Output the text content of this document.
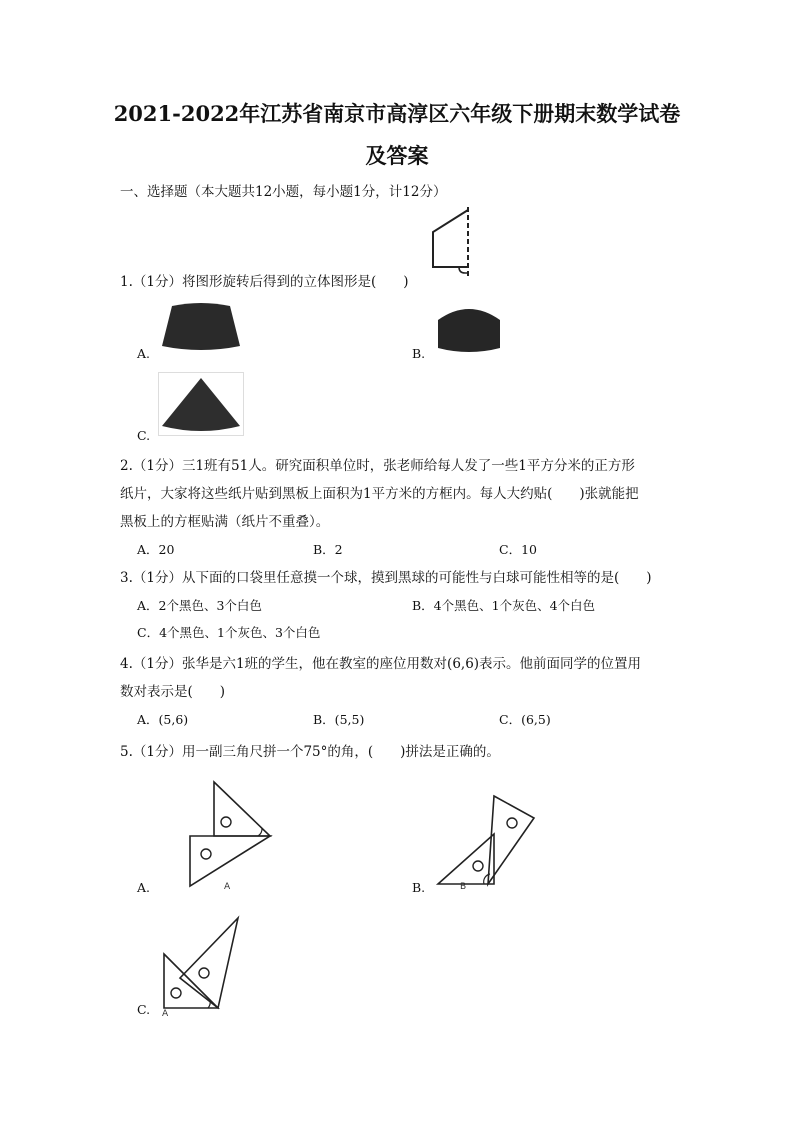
2021-2022年江苏省南京市高淳区六年级下册期末数学试卷
及答案
一、选择题（本大题共12小题，每小题1分，计12分）
1.（1分）将图形旋转后得到的立体图形是(　　)
A.	B.
C.
2.（1分）三1班有51人。研究面积单位时，张老师给每人发了一些1平方分米的正方形
纸片，大家将这些纸片贴到黑板上面积为1平方米的方框内。每人大约贴(　　)张就能把
黑板上的方框贴满（纸片不重叠）。
A．20	B．2	C．10
3.（1分）从下面的口袋里任意摸一个球，摸到黑球的可能性与白球可能性相等的是(　　)
A．2个黑色、3个白色	B．4个黑色、1个灰色、4个白色
C．4个黑色、1个灰色、3个白色
4.（1分）张华是六1班的学生，他在教室的座位用数对(6,6)表示。他前面同学的位置用
数对表示是(　　)
A．(5,6)	B．(5,5)	C．(6,5)
5.（1分）用一副三角尺拼一个75°的角，(　　)拼法是正确的。
A
A.	B
B.
A
C.
